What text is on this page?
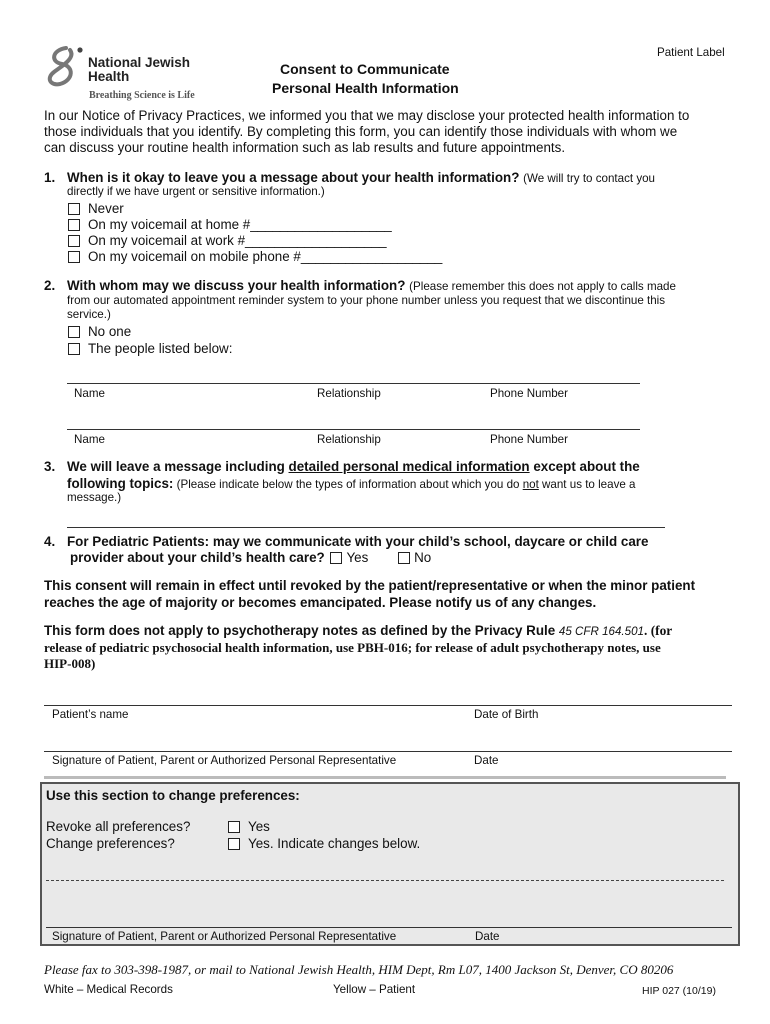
National Jewish
Health
Breathing Science is Life
Consent to Communicate
Personal Health Information
Patient Label
In our Notice of Privacy Practices, we informed you that we may disclose your protected health information to
those individuals that you identify. By completing this form, you can identify those individuals with whom we
can discuss your routine health information such as lab results and future appointments.
1. When is it okay to leave you a message about your health information? (We will try to contact you
directly if we have urgent or sensitive information.)
Never
On my voicemail at home #___________________
On my voicemail at work #___________________
On my voicemail on mobile phone #___________________
2. With whom may we discuss your health information? (Please remember this does not apply to calls made
from our automated appointment reminder system to your phone number unless you request that we discontinue this
service.)
No one
The people listed below:
Name	Relationship	Phone Number
Name	Relationship	Phone Number
3. We will leave a message including detailed personal medical information except about the
following topics: (Please indicate below the types of information about which you do not want us to leave a
message.)
4. For Pediatric Patients: may we communicate with your child’s school, daycare or child care
provider about your child’s health care? Yes	No
This consent will remain in effect until revoked by the patient/representative or when the minor patient
reaches the age of majority or becomes emancipated. Please notify us of any changes.
This form does not apply to psychotherapy notes as defined by the Privacy Rule 45 CFR 164.501. (for
release of pediatric psychosocial health information, use PBH-016; for release of adult psychotherapy notes, use
HIP-008)
Patient’s name	Date of Birth
Signature of Patient, Parent or Authorized Personal Representative	Date
Use this section to change preferences:
Revoke all preferences?	Yes
Change preferences?	Yes. Indicate changes below.
Signature of Patient, Parent or Authorized Personal Representative	Date
Please fax to 303-398-1987, or mail to National Jewish Health, HIM Dept, Rm L07, 1400 Jackson St, Denver, CO 80206
White – Medical Records	Yellow – Patient	HIP 027 (10/19)
